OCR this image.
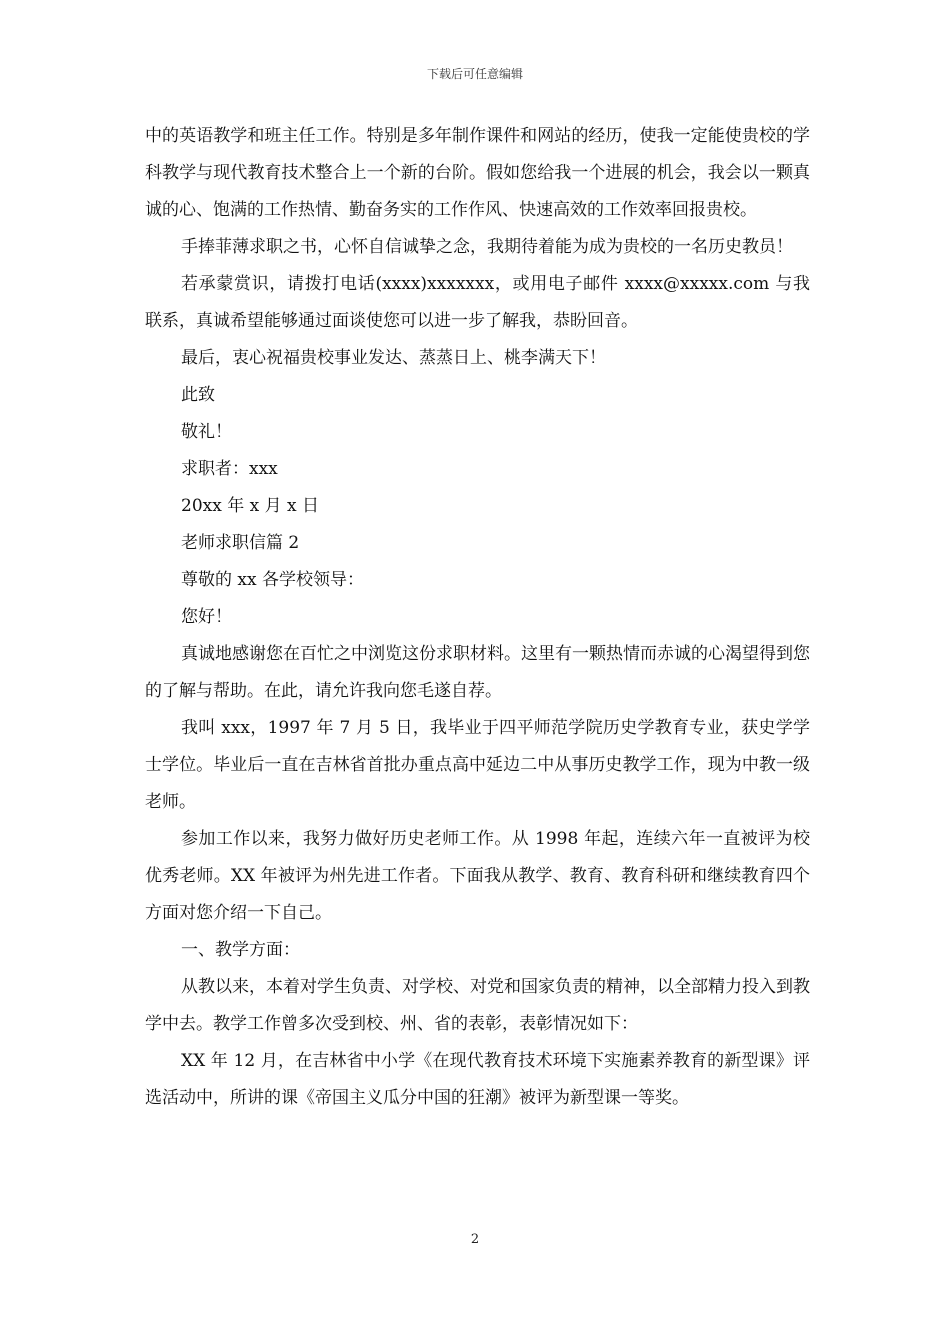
下载后可任意编辑

中的英语教学和班主任工作。特别是多年制作课件和网站的经历，使我一定能使贵校的学科教学与现代教育技术整合上一个新的台阶。假如您给我一个进展的机会，我会以一颗真诚的心、饱满的工作热情、勤奋务实的工作作风、快速高效的工作效率回报贵校。

手捧菲薄求职之书，心怀自信诚挚之念，我期待着能为成为贵校的一名历史教员！

若承蒙赏识，请拨打电话(xxxx)xxxxxxx，或用电子邮件 xxxx@xxxxx.com 与我联系，真诚希望能够通过面谈使您可以进一步了解我，恭盼回音。

最后，衷心祝福贵校事业发达、蒸蒸日上、桃李满天下！

此致

敬礼！

求职者：xxx

20xx 年 x 月 x 日

老师求职信篇 2

尊敬的 xx 各学校领导：

您好！

真诚地感谢您在百忙之中浏览这份求职材料。这里有一颗热情而赤诚的心渴望得到您的了解与帮助。在此，请允许我向您毛遂自荐。

我叫 xxx，1997 年 7 月 5 日，我毕业于四平师范学院历史学教育专业，获史学学士学位。毕业后一直在吉林省首批办重点高中延边二中从事历史教学工作，现为中教一级老师。

参加工作以来，我努力做好历史老师工作。从 1998 年起，连续六年一直被评为校优秀老师。XX 年被评为州先进工作者。下面我从教学、教育、教育科研和继续教育四个方面对您介绍一下自己。

一、教学方面：

从教以来，本着对学生负责、对学校、对党和国家负责的精神，以全部精力投入到教学中去。教学工作曾多次受到校、州、省的表彰，表彰情况如下：

XX 年 12 月，在吉林省中小学《在现代教育技术环境下实施素养教育的新型课》评选活动中，所讲的课《帝国主义瓜分中国的狂潮》被评为新型课一等奖。

2
